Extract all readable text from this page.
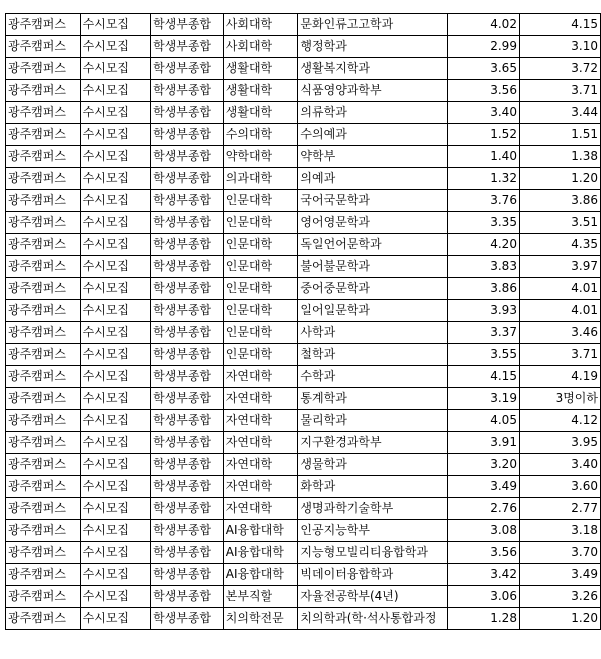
광주캠퍼스	수시모집	학생부종합	사회대학	문화인류고고학과	4.02	4.15
광주캠퍼스	수시모집	학생부종합	사회대학	행정학과	2.99	3.10
광주캠퍼스	수시모집	학생부종합	생활대학	생활복지학과	3.65	3.72
광주캠퍼스	수시모집	학생부종합	생활대학	식품영양과학부	3.56	3.71
광주캠퍼스	수시모집	학생부종합	생활대학	의류학과	3.40	3.44
광주캠퍼스	수시모집	학생부종합	수의대학	수의예과	1.52	1.51
광주캠퍼스	수시모집	학생부종합	약학대학	약학부	1.40	1.38
광주캠퍼스	수시모집	학생부종합	의과대학	의예과	1.32	1.20
광주캠퍼스	수시모집	학생부종합	인문대학	국어국문학과	3.76	3.86
광주캠퍼스	수시모집	학생부종합	인문대학	영어영문학과	3.35	3.51
광주캠퍼스	수시모집	학생부종합	인문대학	독일언어문학과	4.20	4.35
광주캠퍼스	수시모집	학생부종합	인문대학	불어불문학과	3.83	3.97
광주캠퍼스	수시모집	학생부종합	인문대학	중어중문학과	3.86	4.01
광주캠퍼스	수시모집	학생부종합	인문대학	일어일문학과	3.93	4.01
광주캠퍼스	수시모집	학생부종합	인문대학	사학과	3.37	3.46
광주캠퍼스	수시모집	학생부종합	인문대학	철학과	3.55	3.71
광주캠퍼스	수시모집	학생부종합	자연대학	수학과	4.15	4.19
광주캠퍼스	수시모집	학생부종합	자연대학	통계학과	3.19	3명이하
광주캠퍼스	수시모집	학생부종합	자연대학	물리학과	4.05	4.12
광주캠퍼스	수시모집	학생부종합	자연대학	지구환경과학부	3.91	3.95
광주캠퍼스	수시모집	학생부종합	자연대학	생물학과	3.20	3.40
광주캠퍼스	수시모집	학생부종합	자연대학	화학과	3.49	3.60
광주캠퍼스	수시모집	학생부종합	자연대학	생명과학기술학부	2.76	2.77
광주캠퍼스	수시모집	학생부종합	AI융합대학	인공지능학부	3.08	3.18
광주캠퍼스	수시모집	학생부종합	AI융합대학	지능형모빌리티융합학과	3.56	3.70
광주캠퍼스	수시모집	학생부종합	AI융합대학	빅데이터융합학과	3.42	3.49
광주캠퍼스	수시모집	학생부종합	본부직할	자율전공학부(4년)	3.06	3.26
광주캠퍼스	수시모집	학생부종합	치의학전문	치의학과(학·석사통합과정	1.28	1.20
